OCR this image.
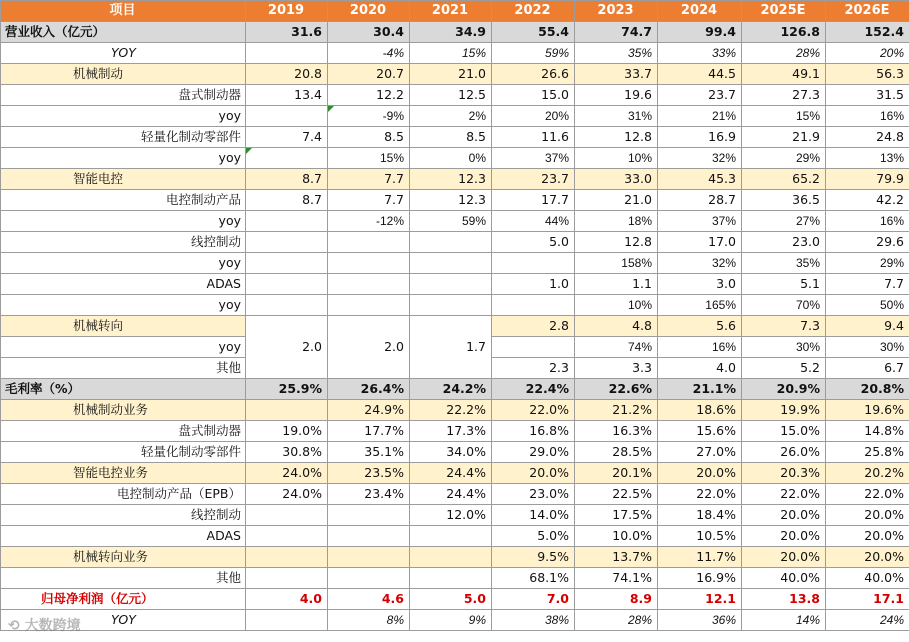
项目	2019	2020	2021	2022	2023	2024	2025E	2026E
营业收入（亿元）	31.6	30.4	34.9	55.4	74.7	99.4	126.8	152.4
YOY		-4%	15%	59%	35%	33%	28%	20%
机械制动	20.8	20.7	21.0	26.6	33.7	44.5	49.1	56.3
盘式制动器	13.4	12.2	12.5	15.0	19.6	23.7	27.3	31.5
yoy		-9%	2%	20%	31%	21%	15%	16%
轻量化制动零部件	7.4	8.5	8.5	11.6	12.8	16.9	21.9	24.8
yoy		15%	0%	37%	10%	32%	29%	13%
智能电控	8.7	7.7	12.3	23.7	33.0	45.3	65.2	79.9
电控制动产品	8.7	7.7	12.3	17.7	21.0	28.7	36.5	42.2
yoy		-12%	59%	44%	18%	37%	27%	16%
线控制动				5.0	12.8	17.0	23.0	29.6
yoy					158%	32%	35%	29%
ADAS				1.0	1.1	3.0	5.1	7.7
yoy					10%	165%	70%	50%
机械转向	2.0	2.0	1.7	2.8	4.8	5.6	7.3	9.4
yoy					74%	16%	30%	30%
其他				2.3	3.3	4.0	5.2	6.7
毛利率（%）	25.9%	26.4%	24.2%	22.4%	22.6%	21.1%	20.9%	20.8%
机械制动业务		24.9%	22.2%	22.0%	21.2%	18.6%	19.9%	19.6%
盘式制动器	19.0%	17.7%	17.3%	16.8%	16.3%	15.6%	15.0%	14.8%
轻量化制动零部件	30.8%	35.1%	34.0%	29.0%	28.5%	27.0%	26.0%	25.8%
智能电控业务	24.0%	23.5%	24.4%	20.0%	20.1%	20.0%	20.3%	20.2%
电控制动产品（EPB）	24.0%	23.4%	24.4%	23.0%	22.5%	22.0%	22.0%	22.0%
线控制动			12.0%	14.0%	17.5%	18.4%	20.0%	20.0%
ADAS				5.0%	10.0%	10.5%	20.0%	20.0%
机械转向业务				9.5%	13.7%	11.7%	20.0%	20.0%
其他				68.1%	74.1%	16.9%	40.0%	40.0%
归母净利润（亿元）	4.0	4.6	5.0	7.0	8.9	12.1	13.8	17.1
YOY		8%	9%	38%	28%	36%	14%	24%
⟲ 大数跨境
